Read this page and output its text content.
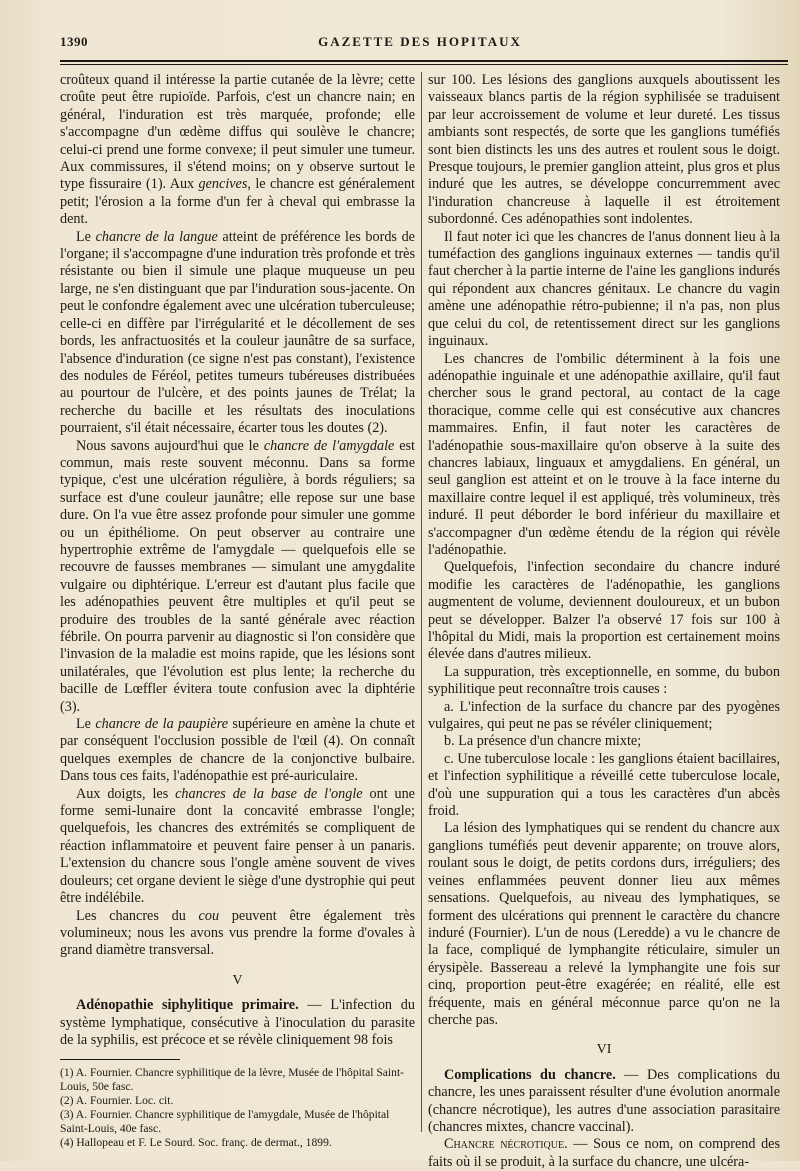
1390	GAZETTE DES HOPITAUX

croûteux quand il intéresse la partie cutanée de la lèvre; cette croûte peut être rupioïde. Parfois, c'est un chancre nain; en général, l'induration est très marquée, profonde; elle s'accompagne d'un œdème diffus qui soulève le chancre; celui-ci prend une forme convexe; il peut simuler une tumeur. Aux commissures, il s'étend moins; on y observe surtout le type fissuraire (1). Aux gencives, le chancre est généralement petit; l'érosion a la forme d'un fer à cheval qui embrasse la dent.

Le chancre de la langue atteint de préférence les bords de l'organe; il s'accompagne d'une induration très profonde et très résistante ou bien il simule une plaque muqueuse un peu large, ne s'en distinguant que par l'induration sous-jacente. On peut le confondre également avec une ulcération tuberculeuse; celle-ci en diffère par l'irrégularité et le décollement de ses bords, les anfractuosités et la couleur jaunâtre de sa surface, l'absence d'induration (ce signe n'est pas constant), l'existence des nodules de Féréol, petites tumeurs tubéreuses distribuées au pourtour de l'ulcère, et des points jaunes de Trélat; la recherche du bacille et les résultats des inoculations pourraient, s'il était nécessaire, écarter tous les doutes (2).

Nous savons aujourd'hui que le chancre de l'amygdale est commun, mais reste souvent méconnu. Dans sa forme typique, c'est une ulcération régulière, à bords réguliers; sa surface est d'une couleur jaunâtre; elle repose sur une base dure. On l'a vue être assez profonde pour simuler une gomme ou un épithéliome. On peut observer au contraire une hypertrophie extrême de l'amygdale — quelquefois elle se recouvre de fausses membranes — simulant une amygdalite vulgaire ou diphtérique. L'erreur est d'autant plus facile que les adénopathies peuvent être multiples et qu'il peut se produire des troubles de la santé générale avec réaction fébrile. On pourra parvenir au diagnostic si l'on considère que l'invasion de la maladie est moins rapide, que les lésions sont unilatérales, que l'évolution est plus lente; la recherche du bacille de Lœffler évitera toute confusion avec la diphtérie (3).

Le chancre de la paupière supérieure en amène la chute et par conséquent l'occlusion possible de l'œil (4). On connaît quelques exemples de chancre de la conjonctive bulbaire. Dans tous ces faits, l'adénopathie est pré-auriculaire.

Aux doigts, les chancres de la base de l'ongle ont une forme semi-lunaire dont la concavité embrasse l'ongle; quelquefois, les chancres des extrémités se compliquent de réaction inflammatoire et peuvent faire penser à un panaris. L'extension du chancre sous l'ongle amène souvent de vives douleurs; cet organe devient le siège d'une dystrophie qui peut être indélébile.

Les chancres du cou peuvent être également très volumineux; nous les avons vus prendre la forme d'ovales à grand diamètre transversal.

V

Adénopathie siphylitique primaire. — L'infection du système lymphatique, consécutive à l'inoculation du parasite de la syphilis, est précoce et se révèle cliniquement 98 fois

(1) A. Fournier. Chancre syphilitique de la lèvre, Musée de l'hôpital Saint-Louis, 50e fasc.

(2) A. Fournier. Loc. cit.

(3) A. Fournier. Chancre syphilitique de l'amygdale, Musée de l'hôpital Saint-Louis, 40e fasc.

(4) Hallopeau et F. Le Sourd. Soc. franç. de dermat., 1899.

sur 100. Les lésions des ganglions auxquels aboutissent les vaisseaux blancs partis de la région syphilisée se traduisent par leur accroissement de volume et leur dureté. Les tissus ambiants sont respectés, de sorte que les ganglions tuméfiés sont bien distincts les uns des autres et roulent sous le doigt. Presque toujours, le premier ganglion atteint, plus gros et plus induré que les autres, se développe concurremment avec l'induration chancreuse à laquelle il est étroitement subordonné. Ces adénopathies sont indolentes.

Il faut noter ici que les chancres de l'anus donnent lieu à la tuméfaction des ganglions inguinaux externes — tandis qu'il faut chercher à la partie interne de l'aine les ganglions indurés qui répondent aux chancres génitaux. Le chancre du vagin amène une adénopathie rétro-pubienne; il n'a pas, non plus que celui du col, de retentissement direct sur les ganglions inguinaux.

Les chancres de l'ombilic déterminent à la fois une adénopathie inguinale et une adénopathie axillaire, qu'il faut chercher sous le grand pectoral, au contact de la cage thoracique, comme celle qui est consécutive aux chancres mammaires. Enfin, il faut noter les caractères de l'adénopathie sous-maxillaire qu'on observe à la suite des chancres labiaux, linguaux et amygdaliens. En général, un seul ganglion est atteint et on le trouve à la face interne du maxillaire contre lequel il est appliqué, très volumineux, très induré. Il peut déborder le bord inférieur du maxillaire et s'accompagner d'un œdème étendu de la région qui révèle l'adénopathie.

Quelquefois, l'infection secondaire du chancre induré modifie les caractères de l'adénopathie, les ganglions augmentent de volume, deviennent douloureux, et un bubon peut se développer. Balzer l'a observé 17 fois sur 100 à l'hôpital du Midi, mais la proportion est certainement moins élevée dans d'autres milieux.

La suppuration, très exceptionnelle, en somme, du bubon syphilitique peut reconnaître trois causes :

a. L'infection de la surface du chancre par des pyogènes vulgaires, qui peut ne pas se révéler cliniquement;

b. La présence d'un chancre mixte;

c. Une tuberculose locale : les ganglions étaient bacillaires, et l'infection syphilitique a réveillé cette tuberculose locale, d'où une suppuration qui a tous les caractères d'un abcès froid.

La lésion des lymphatiques qui se rendent du chancre aux ganglions tuméfiés peut devenir apparente; on trouve alors, roulant sous le doigt, de petits cordons durs, irréguliers; des veines enflammées peuvent donner lieu aux mêmes sensations. Quelquefois, au niveau des lymphatiques, se forment des ulcérations qui prennent le caractère du chancre induré (Fournier). L'un de nous (Leredde) a vu le chancre de la face, compliqué de lymphangite réticulaire, simuler un érysipèle. Bassereau a relevé la lymphangite une fois sur cinq, proportion peut-être exagérée; en réalité, elle est fréquente, mais en général méconnue parce qu'on ne la cherche pas.

VI

Complications du chancre. — Des complications du chancre, les unes paraissent résulter d'une évolution anormale (chancre nécrotique), les autres d'une association parasitaire (chancres mixtes, chancre vaccinal).

Chancre nécrotique. — Sous ce nom, on comprend des faits où il se produit, à la surface du chancre, une ulcéra-
